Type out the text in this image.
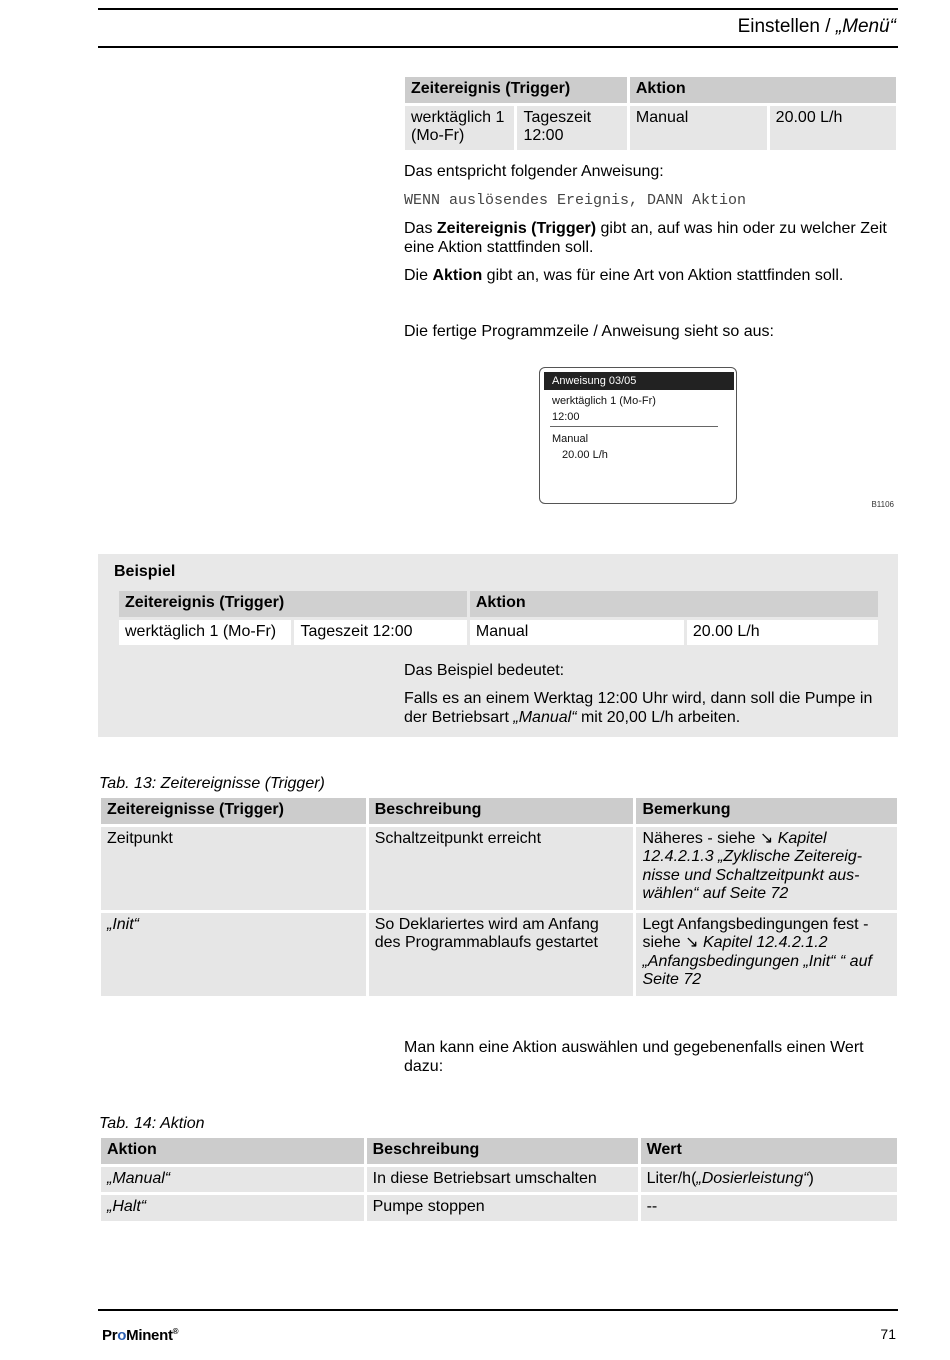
Einstellen / „Menü“
Zeitereignis (Trigger)		Aktion	
werktäglich 1 (Mo-Fr)	Tageszeit 12:00	Manual	20.00 L/h
Das entspricht folgender Anweisung:
WENN auslösendes Ereignis, DANN Aktion
Das Zeitereignis (Trigger) gibt an, auf was hin oder zu welcher Zeit eine Aktion stattfinden soll.
Die Aktion gibt an, was für eine Art von Aktion stattfinden soll.
Die fertige Programmzeile / Anweisung sieht so aus:
Anweisung 03/05
werktäglich 1 (Mo-Fr)
12:00
Manual
20.00 L/h
B1106
Beispiel
Zeitereignis (Trigger)		Aktion	
werktäglich 1 (Mo-Fr)	Tageszeit 12:00	Manual	20.00 L/h
Das Beispiel bedeutet:
Falls es an einem Werktag 12:00 Uhr wird, dann soll die Pumpe in der Betriebsart „Manual“ mit 20,00 L/h arbeiten.
Tab. 13: Zeitereignisse (Trigger)
Zeitereignisse (Trigger)	Beschreibung	Bemerkung
Zeitpunkt	Schaltzeitpunkt erreicht	Näheres - siehe ↘ Kapitel 12.4.2.1.3 „Zyklische Zeitereig-nisse und Schaltzeitpunkt aus-wählen“ auf Seite 72
„Init“	So Deklariertes wird am Anfang des Programmablaufs gestartet	Legt Anfangsbedingungen fest - siehe ↘ Kapitel 12.4.2.1.2 „Anfangsbedingungen „Init“ “ auf Seite 72
Man kann eine Aktion auswählen und gegebenenfalls einen Wert dazu:
Tab. 14: Aktion
Aktion	Beschreibung	Wert
„Manual“	In diese Betriebsart umschalten	Liter/h(„Dosierleistung“)
„Halt“	Pumpe stoppen	--
ProMinent®	71
